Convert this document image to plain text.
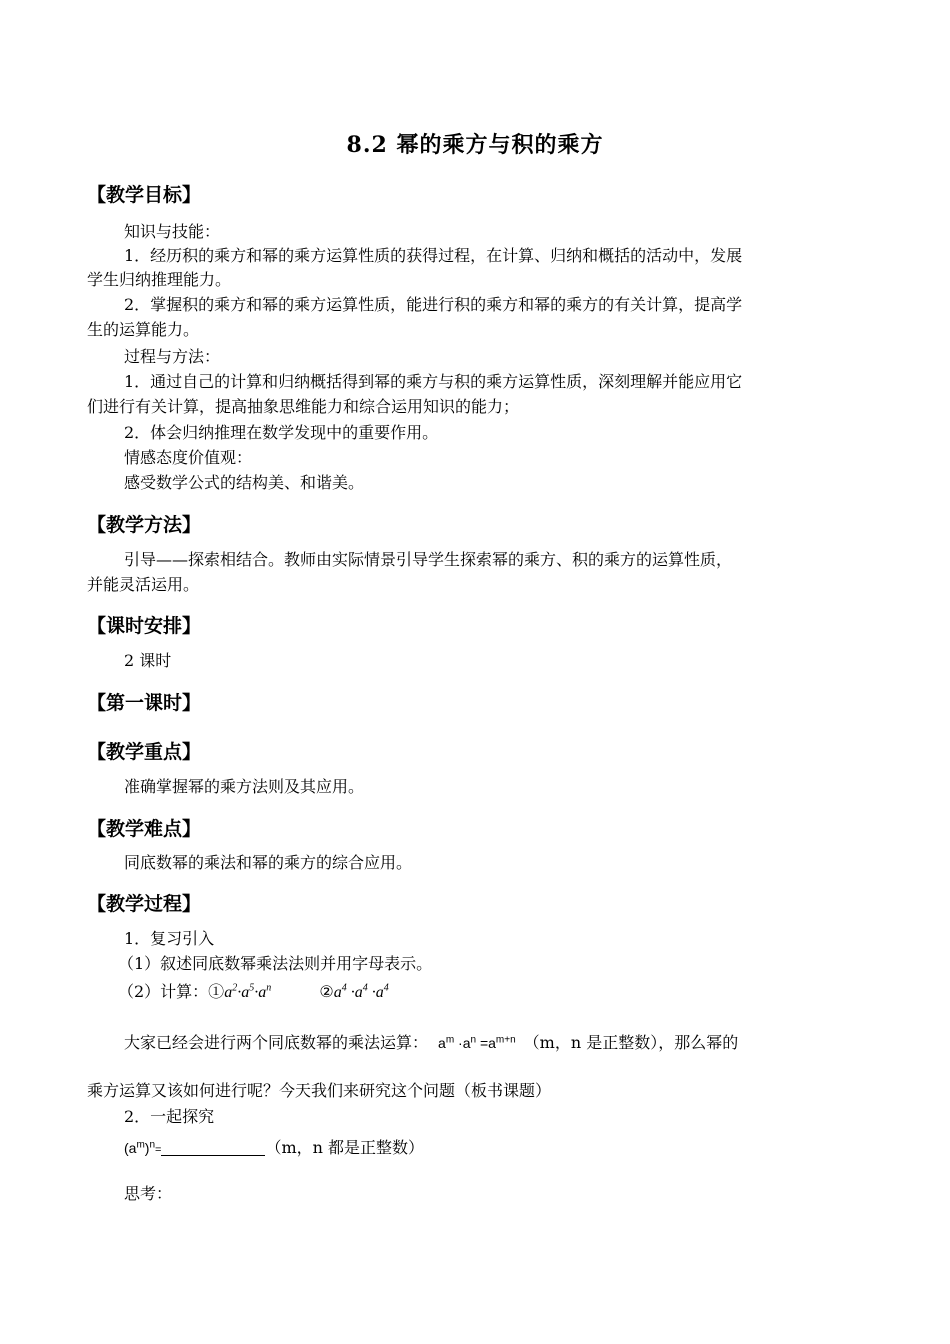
8.2 幂的乘方与积的乘方
【教学目标】
知识与技能：
1．经历积的乘方和幂的乘方运算性质的获得过程，在计算、归纳和概括的活动中，发展
学生归纳推理能力。
2．掌握积的乘方和幂的乘方运算性质，能进行积的乘方和幂的乘方的有关计算，提高学
生的运算能力。
过程与方法：
1．通过自己的计算和归纳概括得到幂的乘方与积的乘方运算性质，深刻理解并能应用它
们进行有关计算，提高抽象思维能力和综合运用知识的能力；
2．体会归纳推理在数学发现中的重要作用。
情感态度价值观：
感受数学公式的结构美、和谐美。
【教学方法】
引导——探索相结合。教师由实际情景引导学生探索幂的乘方、积的乘方的运算性质，
并能灵活运用。
【课时安排】
2 课时
【第一课时】
【教学重点】
准确掌握幂的乘方法则及其应用。
【教学难点】
同底数幂的乘法和幂的乘方的综合应用。
【教学过程】
1．复习引入
（1）叙述同底数幂乘法法则并用字母表示。
（2）计算：$①a^2\cdot a^5\cdot a^n$	$②a^4 \cdot a^4 \cdot a^4$
大家已经会进行两个同底数幂的乘法运算： $a^m \cdot a^n =a^{m+n}$ （m，n 是正整数），那么幂的
乘方运算又该如何进行呢？今天我们来研究这个问题（板书课题）
2．一起探究
$(a^m)^n=$	（m，n 都是正整数）
思考：
